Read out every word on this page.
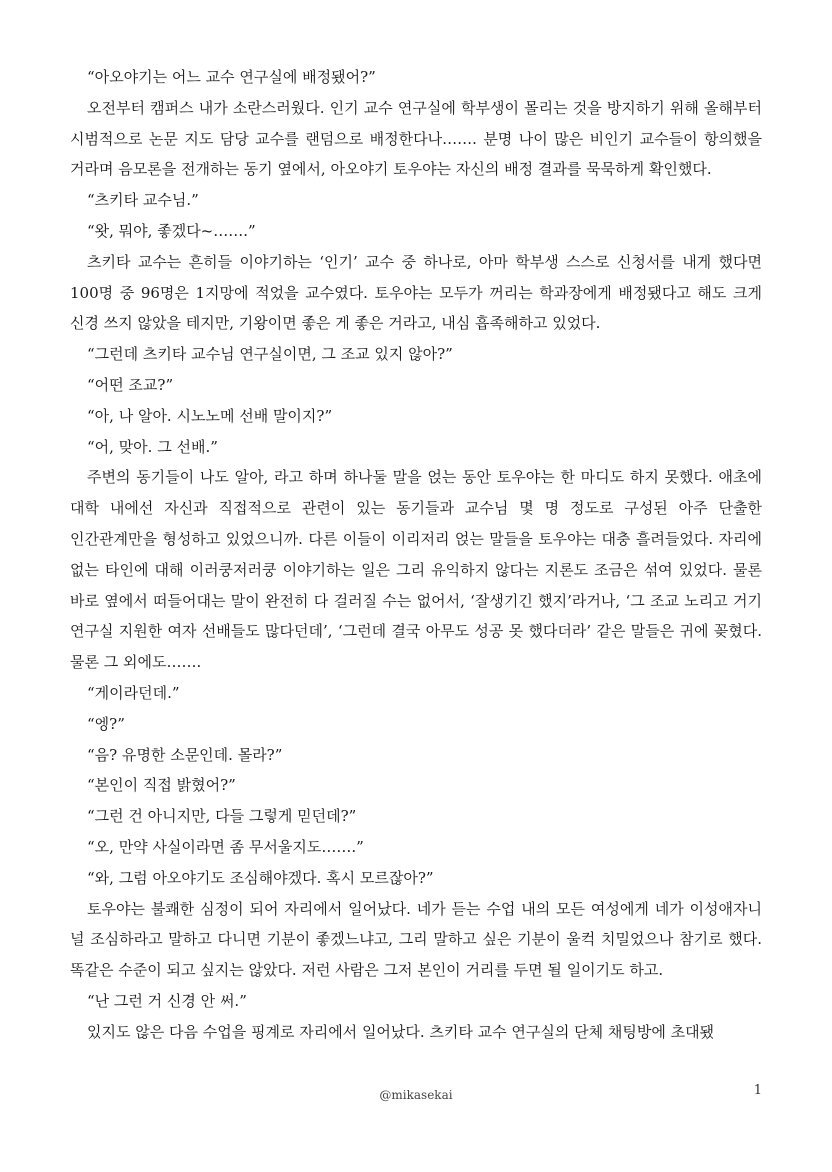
“아오야기는 어느 교수 연구실에 배정됐어?”

오전부터 캠퍼스 내가 소란스러웠다. 인기 교수 연구실에 학부생이 몰리는 것을 방지하기 위해 올해부터 시범적으로 논문 지도 담당 교수를 랜덤으로 배정한다나……. 분명 나이 많은 비인기 교수들이 항의했을 거라며 음모론을 전개하는 동기 옆에서, 아오야기 토우야는 자신의 배정 결과를 묵묵하게 확인했다.

“츠키타 교수님.”

“왓, 뭐야, 좋겠다~…….”

츠키타 교수는 흔히들 이야기하는 ‘인기’ 교수 중 하나로, 아마 학부생 스스로 신청서를 내게 했다면 100명 중 96명은 1지망에 적었을 교수였다. 토우야는 모두가 꺼리는 학과장에게 배정됐다고 해도 크게 신경 쓰지 않았을 테지만, 기왕이면 좋은 게 좋은 거라고, 내심 흡족해하고 있었다.

“그런데 츠키타 교수님 연구실이면, 그 조교 있지 않아?”

“어떤 조교?”

“아, 나 알아. 시노노메 선배 말이지?”

“어, 맞아. 그 선배.”

주변의 동기들이 나도 알아, 라고 하며 하나둘 말을 얹는 동안 토우야는 한 마디도 하지 못했다. 애초에 대학 내에선 자신과 직접적으로 관련이 있는 동기들과 교수님 몇 명 정도로 구성된 아주 단출한 인간관계만을 형성하고 있었으니까. 다른 이들이 이리저리 얹는 말들을 토우야는 대충 흘려들었다. 자리에 없는 타인에 대해 이러쿵저러쿵 이야기하는 일은 그리 유익하지 않다는 지론도 조금은 섞여 있었다. 물론 바로 옆에서 떠들어대는 말이 완전히 다 걸러질 수는 없어서, ‘잘생기긴 했지’라거나, ‘그 조교 노리고 거기 연구실 지원한 여자 선배들도 많다던데’, ‘그런데 결국 아무도 성공 못 했다더라’ 같은 말들은 귀에 꽂혔다. 물론 그 외에도…….

“게이라던데.”

“엥?”

“음? 유명한 소문인데. 몰라?”

“본인이 직접 밝혔어?”

“그런 건 아니지만, 다들 그렇게 믿던데?”

“오, 만약 사실이라면 좀 무서울지도…….”

“와, 그럼 아오야기도 조심해야겠다. 혹시 모르잖아?”

토우야는 불쾌한 심정이 되어 자리에서 일어났다. 네가 듣는 수업 내의 모든 여성에게 네가 이성애자니 널 조심하라고 말하고 다니면 기분이 좋겠느냐고, 그리 말하고 싶은 기분이 울컥 치밀었으나 참기로 했다. 똑같은 수준이 되고 싶지는 않았다. 저런 사람은 그저 본인이 거리를 두면 될 일이기도 하고.

“난 그런 거 신경 안 써.”

있지도 않은 다음 수업을 핑계로 자리에서 일어났다. 츠키타 교수 연구실의 단체 채팅방에 초대됐

@mikasekai	1
